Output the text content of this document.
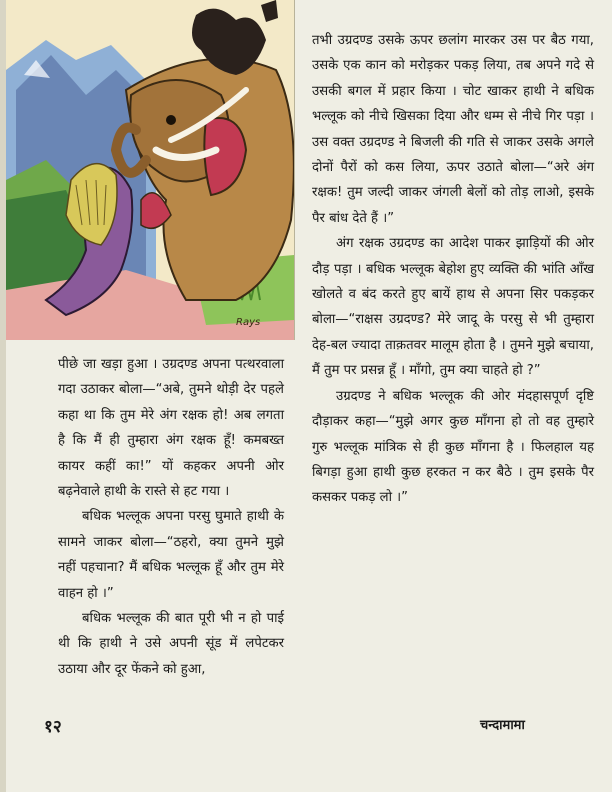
Rays

तभी उग्रदण्ड उसके ऊपर छलांग मारकर उस पर बैठ गया, उसके एक कान को मरोड़कर पकड़ लिया, तब अपने गदे से उसकी बगल में प्रहार किया । चोट खाकर हाथी ने बधिक भल्लूक को नीचे खिसका दिया और धम्म से नीचे गिर पड़ा । उस वक्त उग्रदण्ड ने बिजली की गति से जाकर उसके अगले दोनों पैरों को कस लिया, ऊपर उठाते बोला—“अरे अंग रक्षक! तुम जल्दी जाकर जंगली बेलों को तोड़ लाओ, इसके पैर बांध देते हैं ।”

अंग रक्षक उग्रदण्ड का आदेश पाकर झाड़ियों की ओर दौड़ पड़ा । बधिक भल्लूक बेहोश हुए व्यक्ति की भांति आँख खोलते व बंद करते हुए बायें हाथ से अपना सिर पकड़कर बोला—“राक्षस उग्रदण्ड? मेरे जादू के परसु से भी तुम्हारा देह-बल ज्यादा ताक़तवर मालूम होता है । तुमने मुझे बचाया, मैं तुम पर प्रसन्न हूँ । माँगो, तुम क्या चाहते हो ?”

उग्रदण्ड ने बधिक भल्लूक की ओर मंदहासपूर्ण दृष्टि दौड़ाकर कहा—“मुझे अगर कुछ माँगना हो तो वह तुम्हारे गुरु भल्लूक मांत्रिक से ही कुछ माँगना है । फिलहाल यह बिगड़ा हुआ हाथी कुछ हरकत न कर बैठे । तुम इसके पैर कसकर पकड़ लो ।”

पीछे जा खड़ा हुआ । उग्रदण्ड अपना पत्थरवाला गदा उठाकर बोला—“अबे, तुमने थोड़ी देर पहले कहा था कि तुम मेरे अंग रक्षक हो! अब लगता है कि मैं ही तुम्हारा अंग रक्षक हूँ! कमबख्त कायर कहीं का!” यों कहकर अपनी ओर बढ़नेवाले हाथी के रास्ते से हट गया ।

बधिक भल्लूक अपना परसु घुमाते हाथी के सामने जाकर बोला—“ठहरो, क्या तुमने मुझे नहीं पहचाना? मैं बधिक भल्लूक हूँ और तुम मेरे वाहन हो ।”

बधिक भल्लूक की बात पूरी भी न हो पाई थी कि हाथी ने उसे अपनी सूंड में लपेटकर उठाया और दूर फेंकने को हुआ,

१२	चन्दामामा
